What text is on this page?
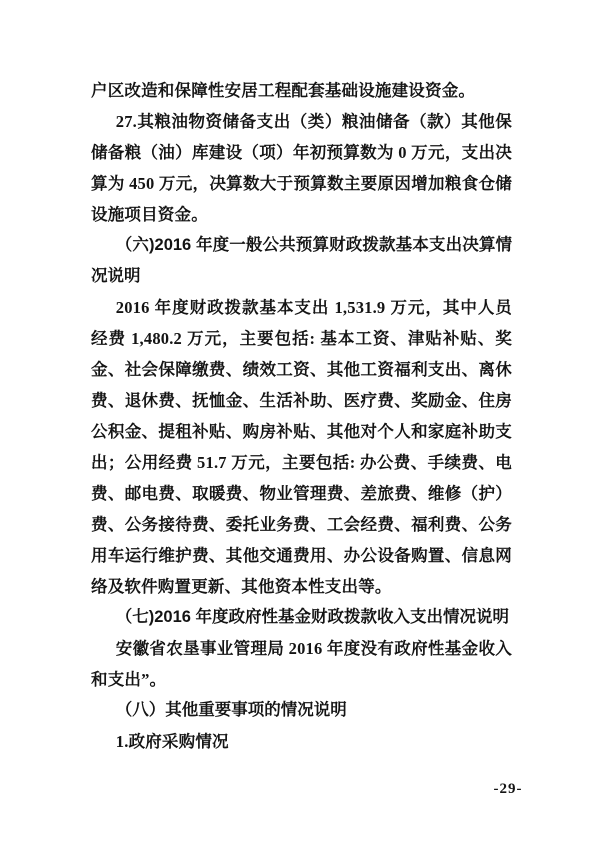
户区改造和保障性安居工程配套基础设施建设资金。

27.其粮油物资储备支出（类）粮油储备（款）其他保储备粮（油）库建设（项）年初预算数为 0 万元，支出决算为 450 万元，决算数大于预算数主要原因增加粮食仓储设施项目资金。

（六)2016 年度一般公共预算财政拨款基本支出决算情况说明

2016 年度财政拨款基本支出 1,531.9 万元，其中人员经费 1,480.2 万元，主要包括: 基本工资、津贴补贴、奖金、社会保障缴费、绩效工资、其他工资福利支出、离休费、退休费、抚恤金、生活补助、医疗费、奖励金、住房公积金、提租补贴、购房补贴、其他对个人和家庭补助支出；公用经费 51.7 万元，主要包括: 办公费、手续费、电费、邮电费、取暖费、物业管理费、差旅费、维修（护）费、公务接待费、委托业务费、工会经费、福利费、公务用车运行维护费、其他交通费用、办公设备购置、信息网络及软件购置更新、其他资本性支出等。

（七)2016 年度政府性基金财政拨款收入支出情况说明

安徽省农垦事业管理局 2016 年度没有政府性基金收入和支出”。

（八）其他重要事项的情况说明

1.政府采购情况

-29-
